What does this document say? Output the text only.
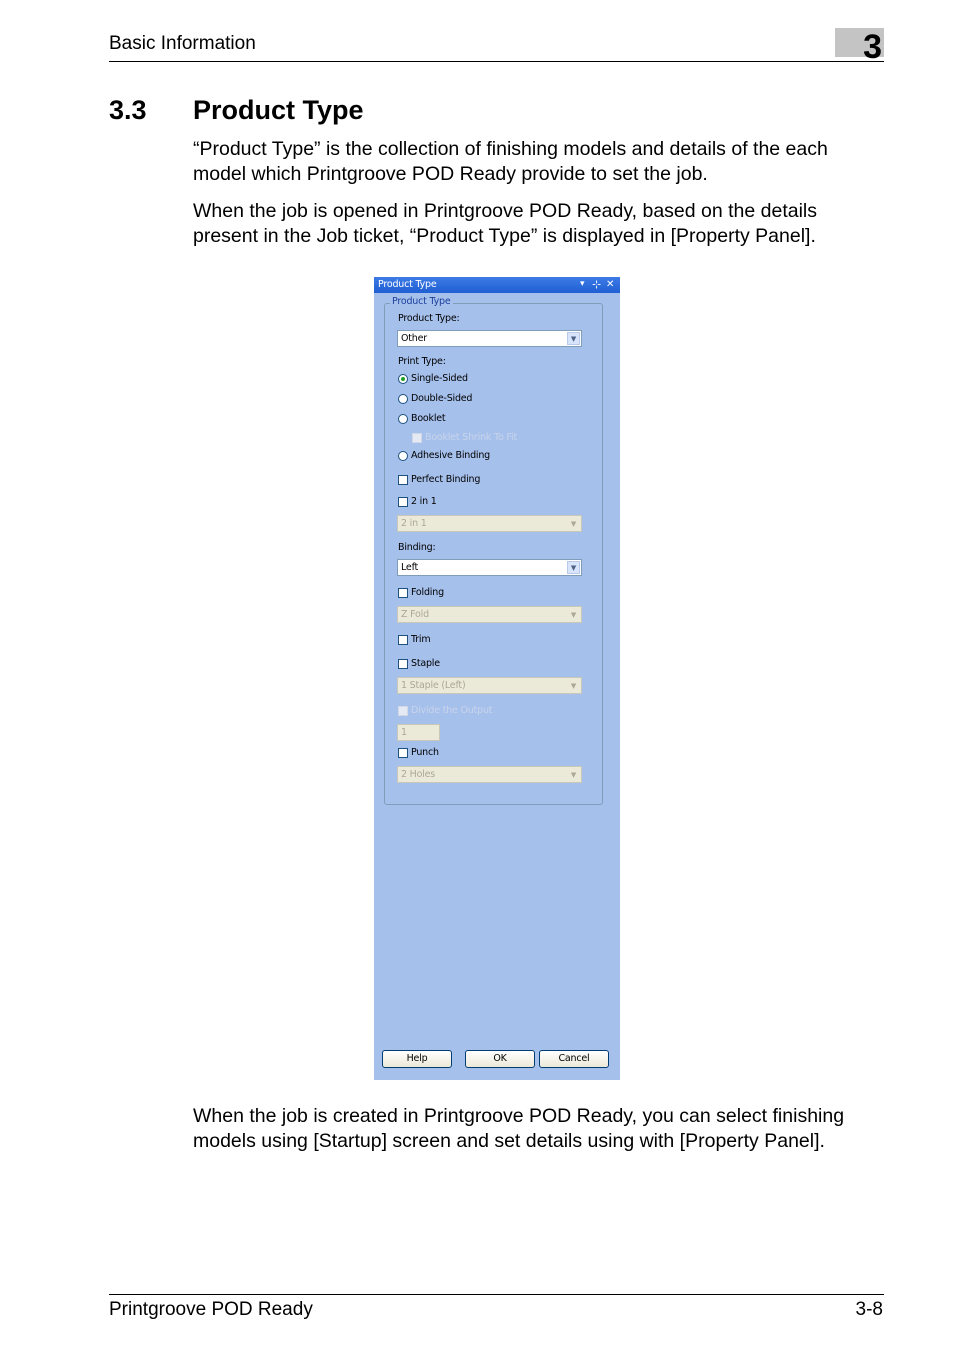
Basic Information	3
3.3 Product Type
“Product Type” is the collection of finishing models and details of the each model which Printgroove POD Ready provide to set the job.
When the job is opened in Printgroove POD Ready, based on the details present in the Job ticket, “Product Type” is displayed in [Property Panel].
Product Type	▾ ⊹ ✕
Product Type
Product Type:
Other	▼
Print Type:
Single-Sided
Double-Sided
Booklet
Booklet Shrink To Fit
Adhesive Binding
Perfect Binding
2 in 1
2 in 1	▼
Binding:
Left	▼
Folding
Z Fold	▼
Trim
Staple
1 Staple (Left)	▼
Divide the Output
1
Punch
2 Holes	▼
Help	OK	Cancel
When the job is created in Printgroove POD Ready, you can select finishing models using [Startup] screen and set details using with [Property Panel].
Printgroove POD Ready	3-8
